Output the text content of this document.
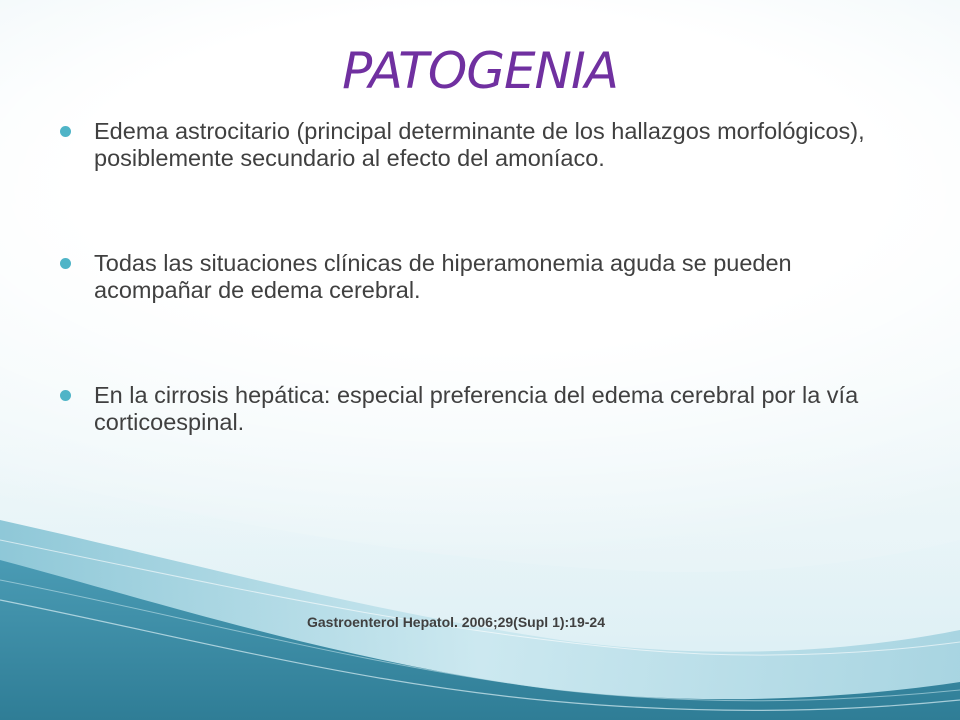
PATOGENIA
Edema astrocitario (principal determinante de los hallazgos morfológicos), posiblemente secundario al efecto del amoníaco.
Todas las situaciones clínicas de hiperamonemia aguda se pueden acompañar de edema cerebral.
En la cirrosis hepática: especial preferencia del edema cerebral por la vía corticoespinal.
Gastroenterol Hepatol. 2006;29(Supl 1):19-24
